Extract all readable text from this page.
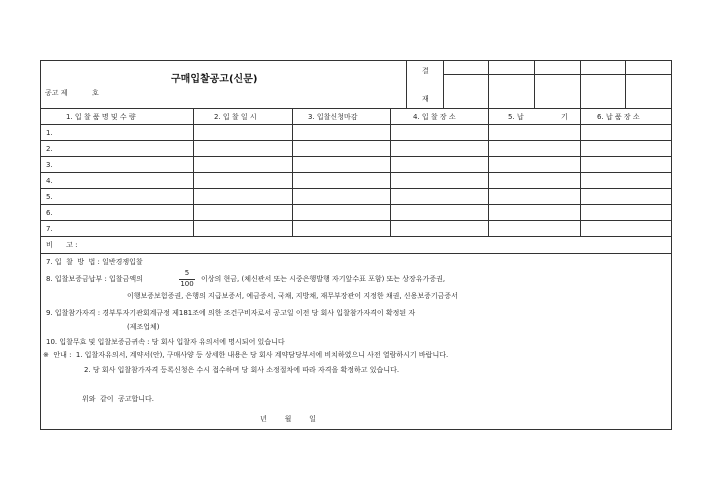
구매입찰공고(신문)
공고 제	호
결
재
1. 입 찰 품 명 및 수 량	2. 입 찰 일 시	3. 입찰신청마감	4. 입 찰 장 소	5. 납	기	6. 납 품 장 소
1.
2.
3.
4.
5.
6.
7.
비      고 :
7. 입  찰  방  법 : 일반경쟁입찰
8. 입찰보증금납부 : 입찰금액의
5
100
이상의 현금, (체신관서 또는 시중은행발행 자기앞수표 포함) 또는 상장유가증권,
이행보증보험증권, 은행의 지급보증서, 예금증서, 국채, 지방채, 재무부장관이 지정한 채권, 신용보증기금증서
9. 입찰참가자격 : 경부투자기관회계규정 제181조에 의한 조건구비자로서 공고일 이전 당 회사 입찰참가자격이 확정된 자
(제조업체)
10. 입찰무효 및 입찰보증금귀속 : 당 회사 입찰자 유의서에 명시되어 있습니다
※  안내 :  1. 입찰자유의서, 계약서(안), 구매사양 등 상세한 내용은 당 회사 계약담당부서에 비치하였으니 사전 열람하시기 바랍니다.
2. 당 회사 입찰참가자격 등록신청은 수시 접수하며 당 회사 소정절차에 따라 자격을 확정하고 있습니다.
위와  같이  공고합니다.
년        월        일
